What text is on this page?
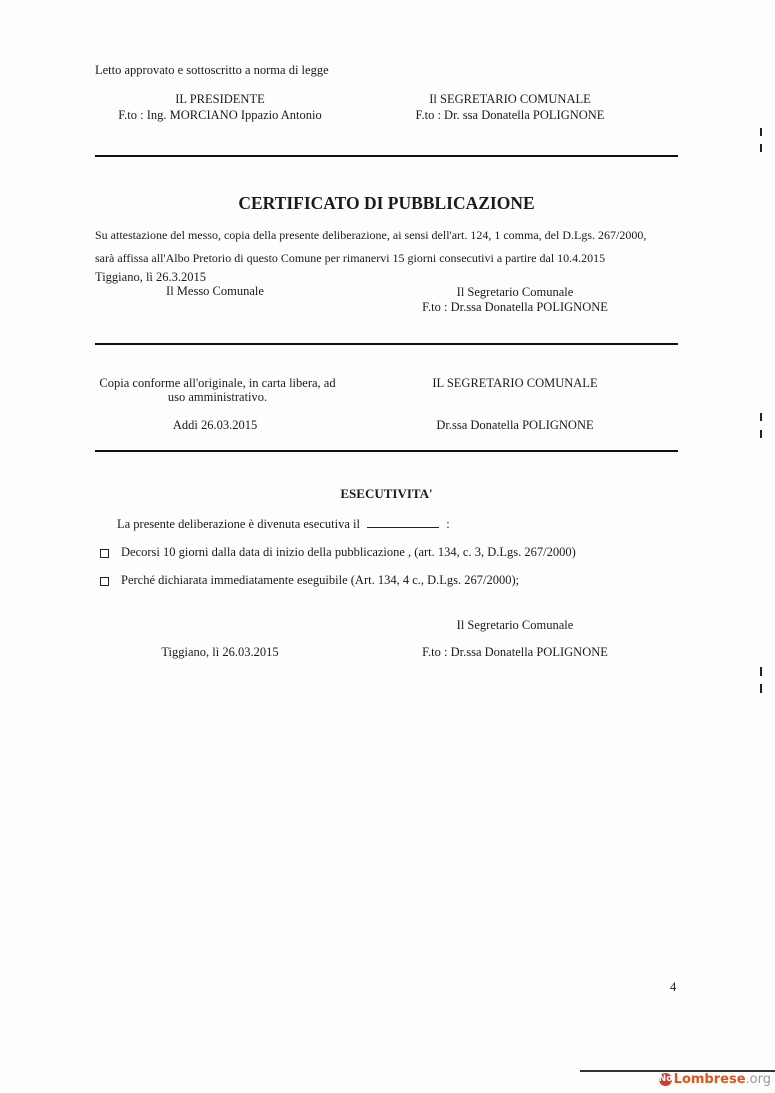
Letto approvato e sottoscritto a norma di legge
IL PRESIDENTE
F.to : Ing. MORCIANO Ippazio Antonio
Il SEGRETARIO COMUNALE
F.to : Dr. ssa Donatella POLIGNONE
CERTIFICATO DI PUBBLICAZIONE
Su attestazione del messo, copia della presente deliberazione, ai sensi dell'art. 124, 1 comma, del D.Lgs. 267/2000,
sarà affissa all'Albo Pretorio di questo Comune per rimanervi 15 giorni consecutivi a partire dal 10.4.2015
Tiggiano, lì 26.3.2015
Il Messo Comunale	Il Segretario Comunale
F.to : Dr.ssa Donatella POLIGNONE
Copia conforme all'originale, in carta libera, ad
uso amministrativo.
Addì 26.03.2015
IL SEGRETARIO COMUNALE
Dr.ssa Donatella POLIGNONE
ESECUTIVITA'
La presente deliberazione è divenuta esecutiva il	:
Decorsi 10 giorni dalla data di inizio della pubblicazione , (art. 134, c. 3, D.Lgs. 267/2000)
Perché dichiarata immediatamente eseguibile (Art. 134, 4 c., D.Lgs. 267/2000);
Il Segretario Comunale
Tiggiano, lì 26.03.2015	F.to : Dr.ssa Donatella POLIGNONE
4
No Lombrese .org
